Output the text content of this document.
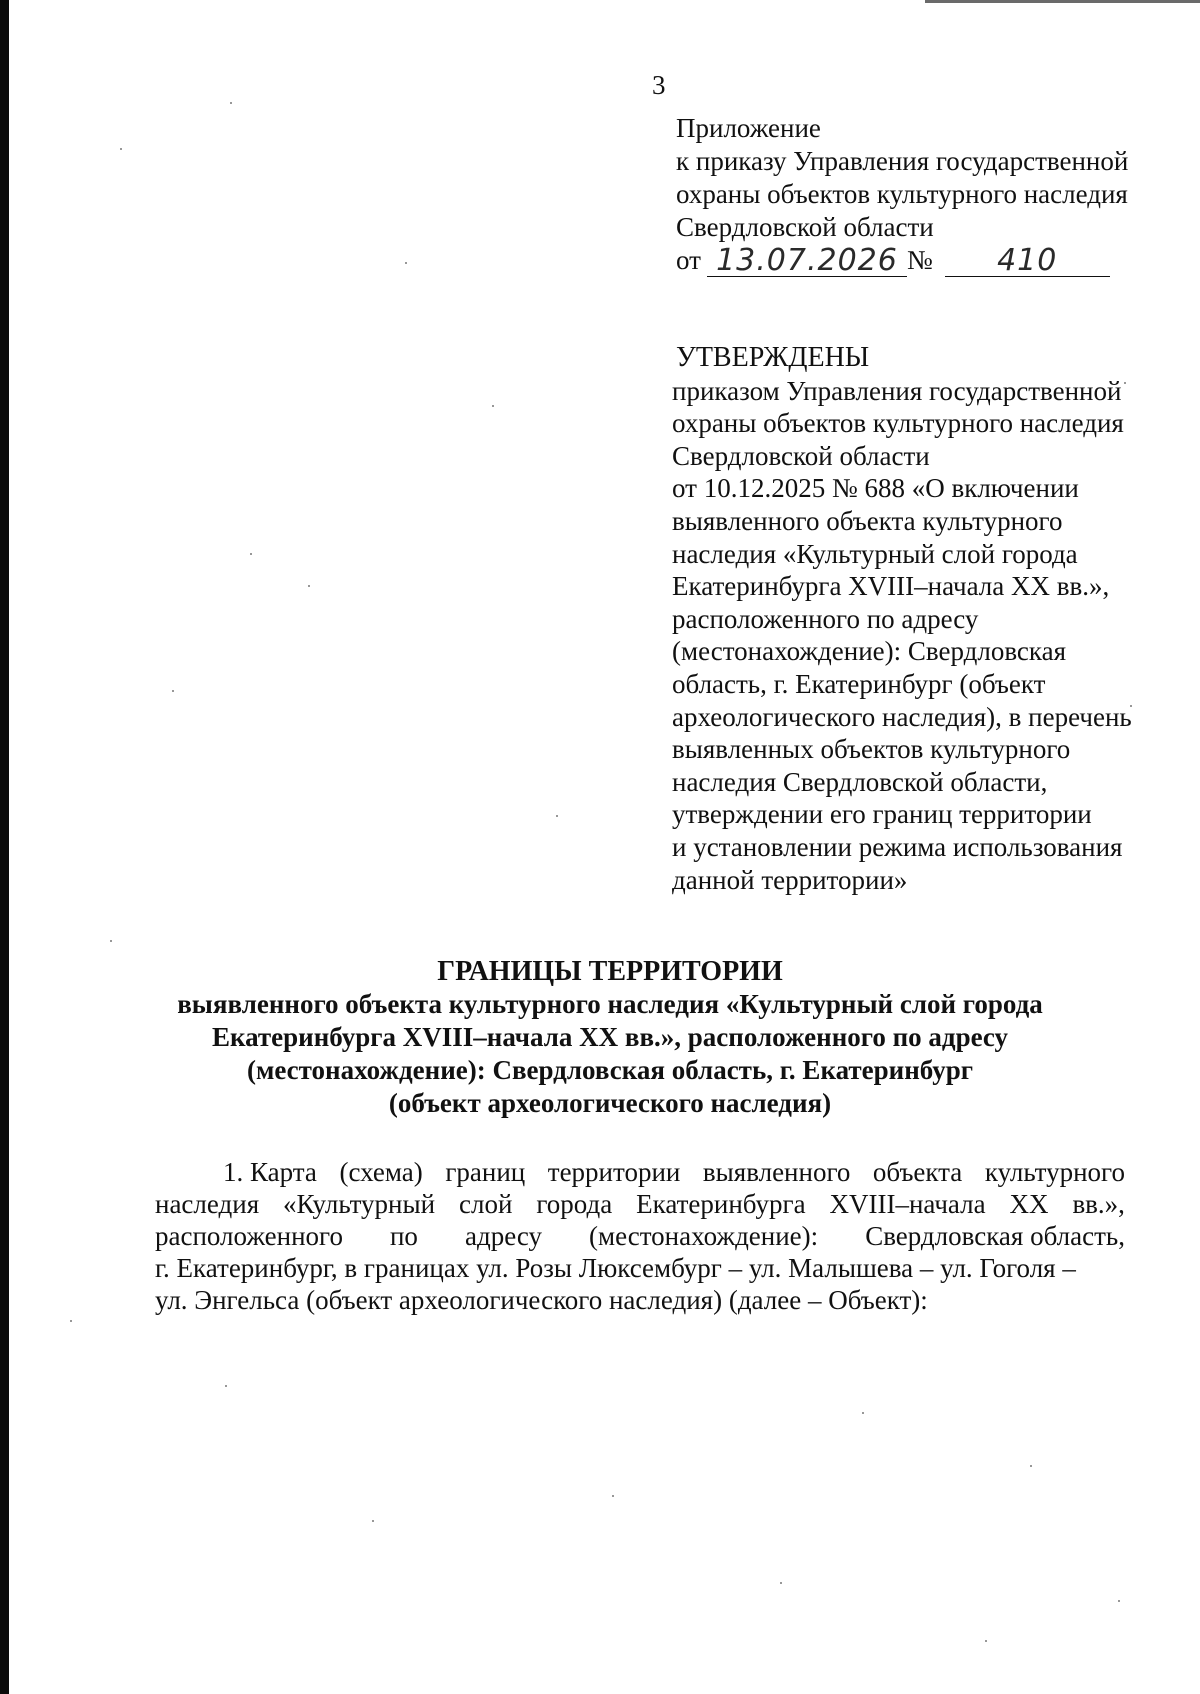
3
Приложение
к приказу Управления государственной
охраны объектов культурного наследия
Свердловской области
от 13.07.2026 №	410
УТВЕРЖДЕНЫ
приказом Управления государственной
охраны объектов культурного наследия
Свердловской области
от 10.12.2025 № 688 «О включении
выявленного объекта культурного
наследия «Культурный слой города
Екатеринбурга XVIII–начала XX вв.»,
расположенного по адресу
(местонахождение): Свердловская
область, г. Екатеринбург (объект
археологического наследия), в перечень
выявленных объектов культурного
наследия Свердловской области,
утверждении его границ территории
и установлении режима использования
данной территории»
ГРАНИЦЫ ТЕРРИТОРИИ
выявленного объекта культурного наследия «Культурный слой города
Екатеринбурга XVIII–начала XX вв.», расположенного по адресу
(местонахождение): Свердловская область, г. Екатеринбург
(объект археологического наследия)
1. Карта (схема) границ территории выявленного объекта культурного
наследия «Культурный слой города Екатеринбурга XVIII–начала XX вв.»,
расположенного по адресу (местонахождение): Свердловская область,
г. Екатеринбург, в границах ул. Розы Люксембург – ул. Малышева – ул. Гоголя –
ул. Энгельса (объект археологического наследия) (далее – Объект):
